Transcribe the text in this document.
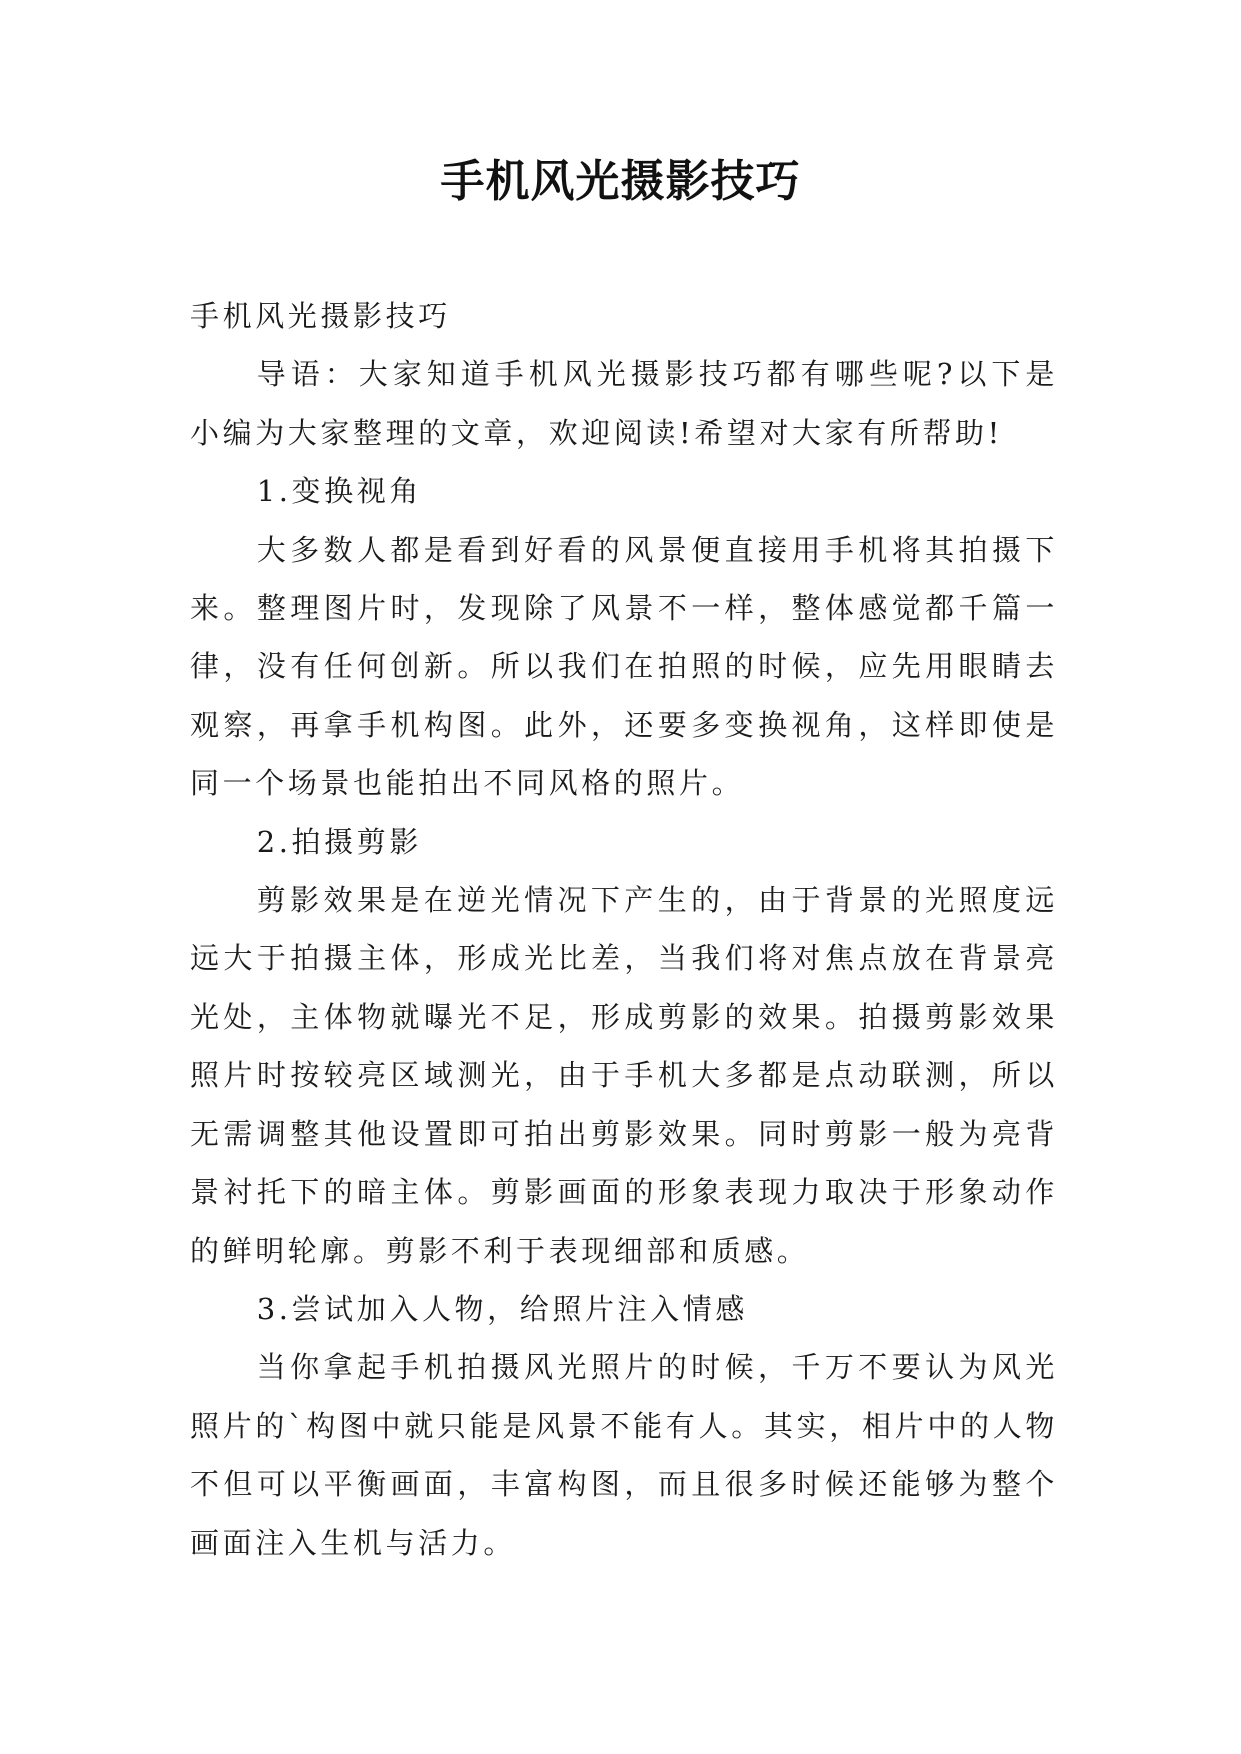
手机风光摄影技巧

手机风光摄影技巧

导语：大家知道手机风光摄影技巧都有哪些呢?以下是小编为大家整理的文章，欢迎阅读!希望对大家有所帮助!

1.变换视角

大多数人都是看到好看的风景便直接用手机将其拍摄下来。整理图片时，发现除了风景不一样，整体感觉都千篇一律，没有任何创新。所以我们在拍照的时候，应先用眼睛去观察，再拿手机构图。此外，还要多变换视角，这样即使是同一个场景也能拍出不同风格的照片。

2.拍摄剪影

剪影效果是在逆光情况下产生的，由于背景的光照度远远大于拍摄主体，形成光比差，当我们将对焦点放在背景亮光处，主体物就曝光不足，形成剪影的效果。拍摄剪影效果照片时按较亮区域测光，由于手机大多都是点动联测，所以无需调整其他设置即可拍出剪影效果。同时剪影一般为亮背景衬托下的暗主体。剪影画面的形象表现力取决于形象动作的鲜明轮廓。剪影不利于表现细部和质感。

3.尝试加入人物，给照片注入情感

当你拿起手机拍摄风光照片的时候，千万不要认为风光照片的`构图中就只能是风景不能有人。其实，相片中的人物不但可以平衡画面，丰富构图，而且很多时候还能够为整个画面注入生机与活力。
